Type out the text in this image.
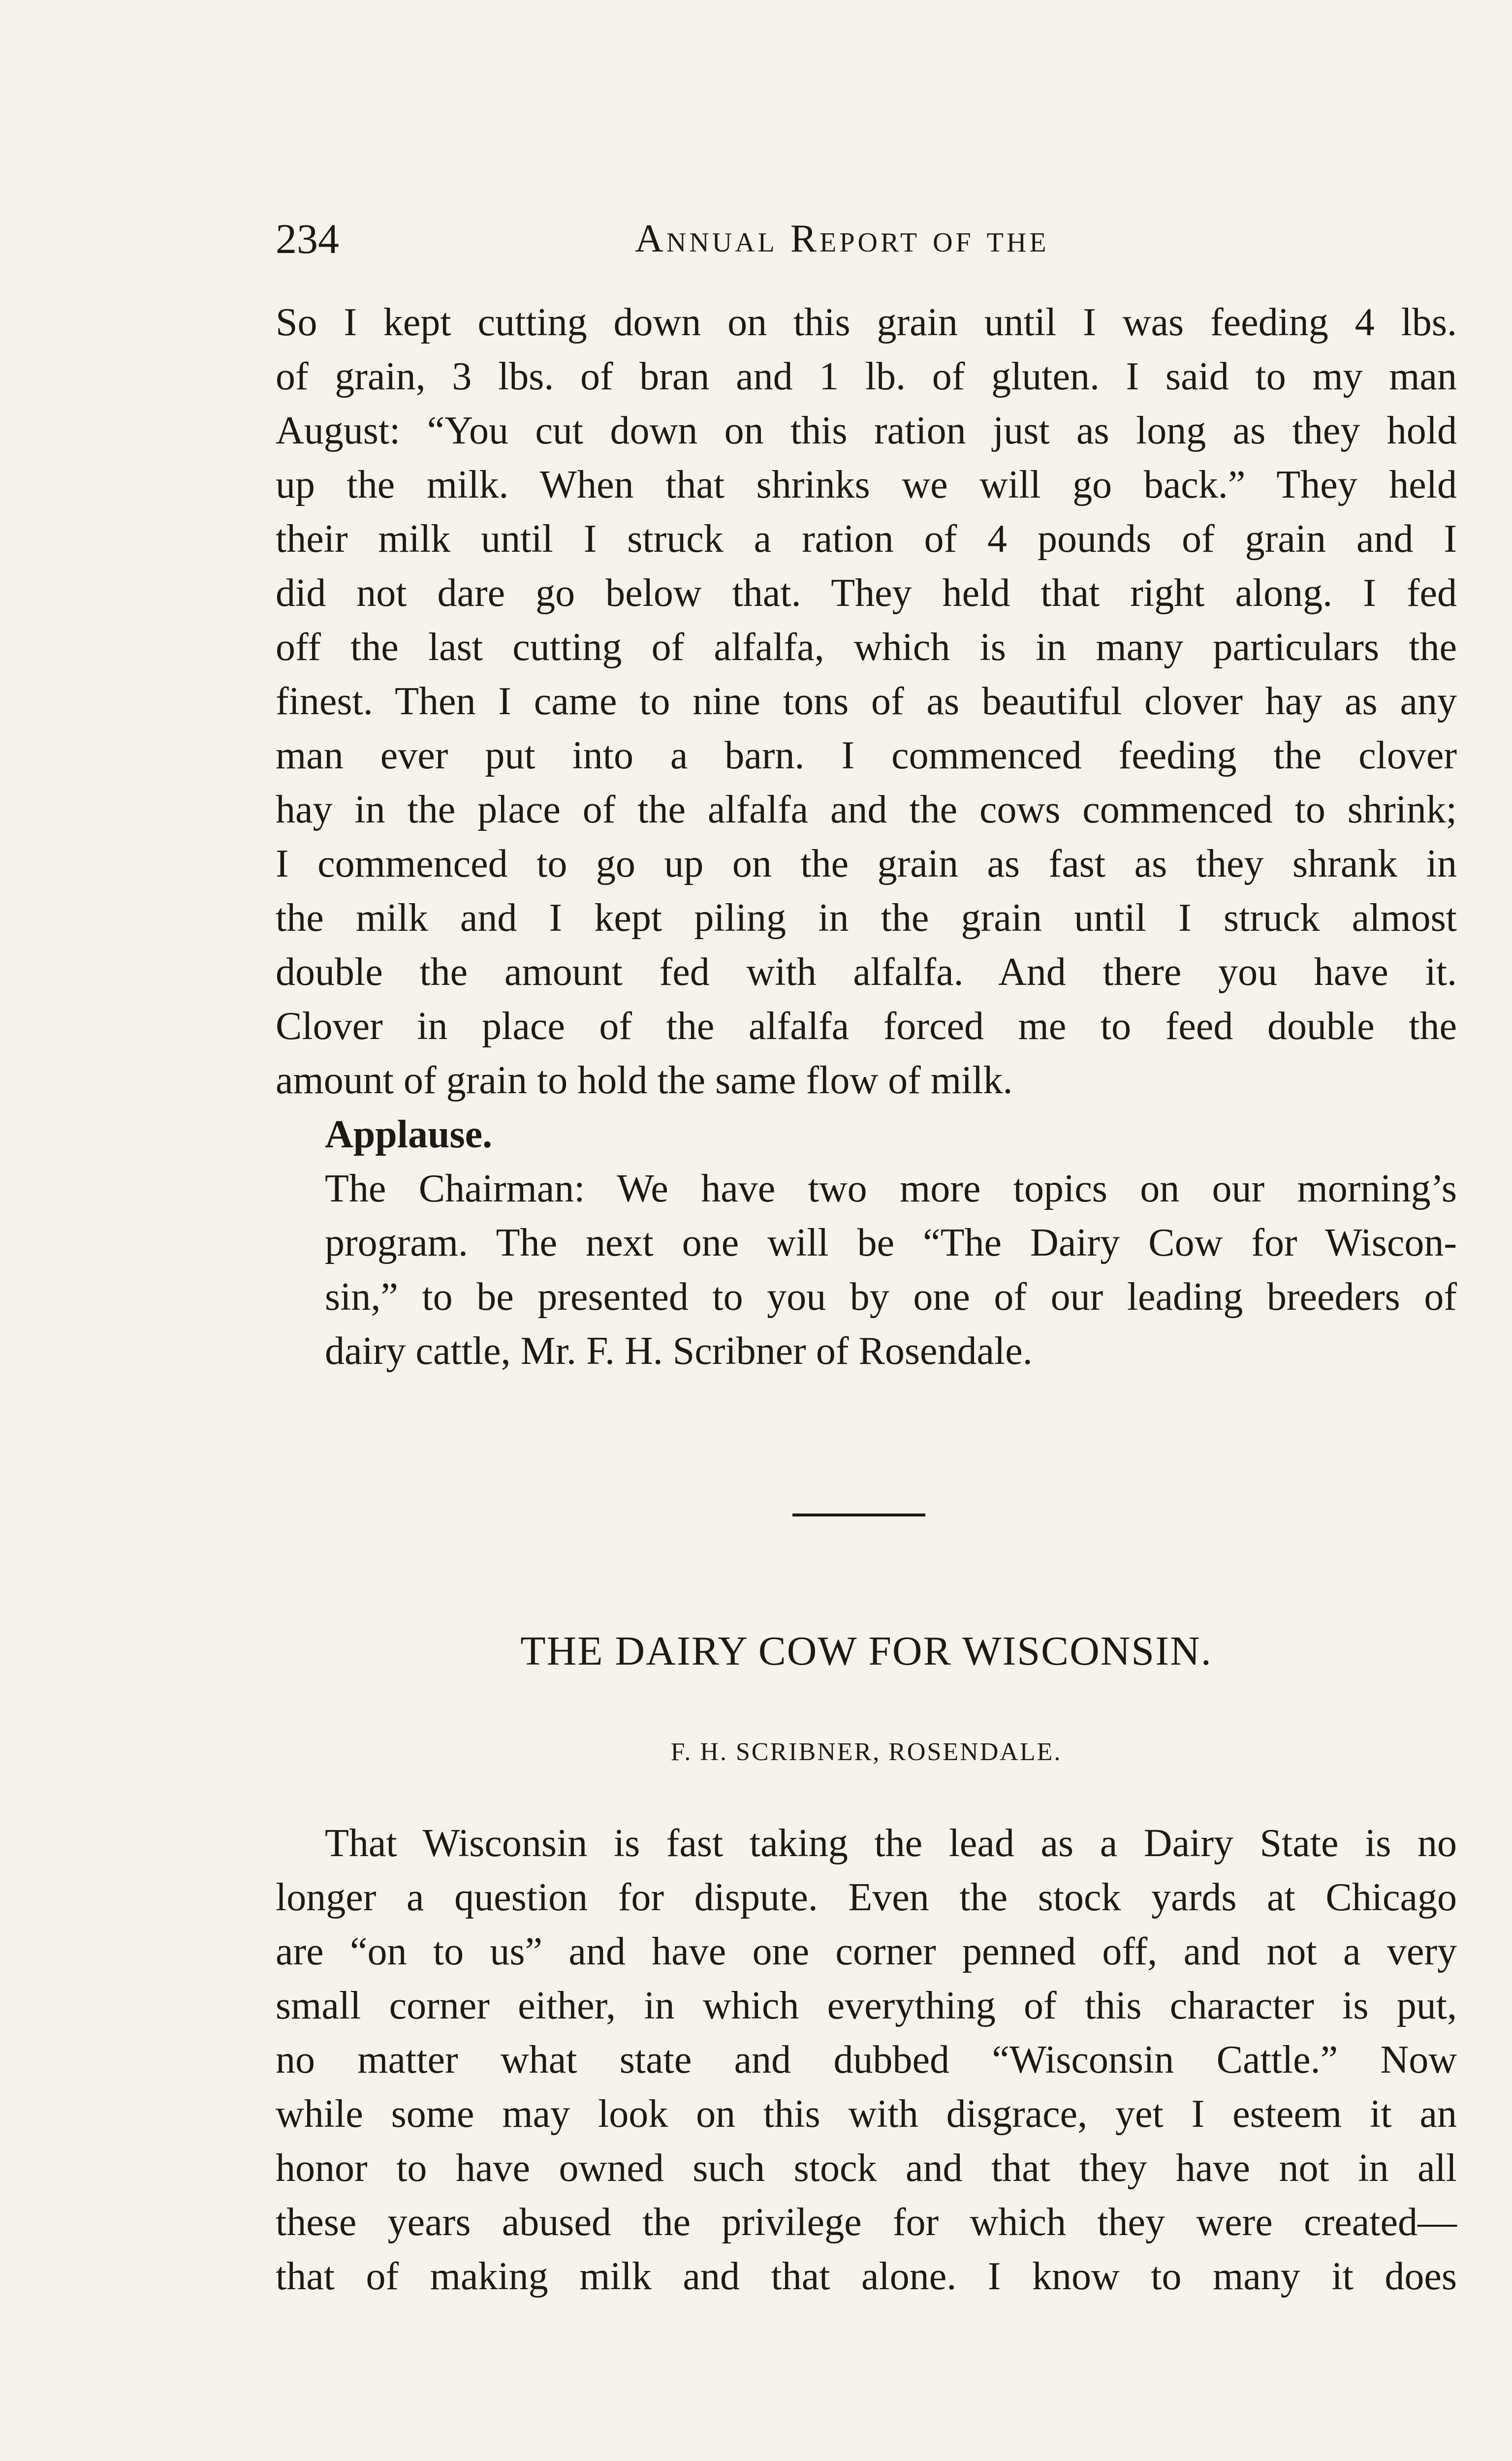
234	Annual Report of the

So I kept cutting down on this grain until I was feeding 4 lbs.
of grain, 3 lbs. of bran and 1 lb. of gluten. I said to my man
August: “You cut down on this ration just as long as they hold
up the milk. When that shrinks we will go back.” They held
their milk until I struck a ration of 4 pounds of grain and I
did not dare go below that. They held that right along. I fed
off the last cutting of alfalfa, which is in many particulars the
finest. Then I came to nine tons of as beautiful clover hay as any
man ever put into a barn. I commenced feeding the clover
hay in the place of the alfalfa and the cows commenced to shrink;
I commenced to go up on the grain as fast as they shrank in
the milk and I kept piling in the grain until I struck almost
double the amount fed with alfalfa. And there you have it.
Clover in place of the alfalfa forced me to feed double the
amount of grain to hold the same flow of milk.

Applause.

The Chairman: We have two more topics on our morning’s
program. The next one will be “The Dairy Cow for Wiscon-
sin,” to be presented to you by one of our leading breeders of
dairy cattle, Mr. F. H. Scribner of Rosendale.

THE DAIRY COW FOR WISCONSIN.
F. H. SCRIBNER, ROSENDALE.

That Wisconsin is fast taking the lead as a Dairy State is no
longer a question for dispute. Even the stock yards at Chicago
are “on to us” and have one corner penned off, and not a very
small corner either, in which everything of this character is put,
no matter what state and dubbed “Wisconsin Cattle.” Now
while some may look on this with disgrace, yet I esteem it an
honor to have owned such stock and that they have not in all
these years abused the privilege for which they were created—
that of making milk and that alone. I know to many it does
